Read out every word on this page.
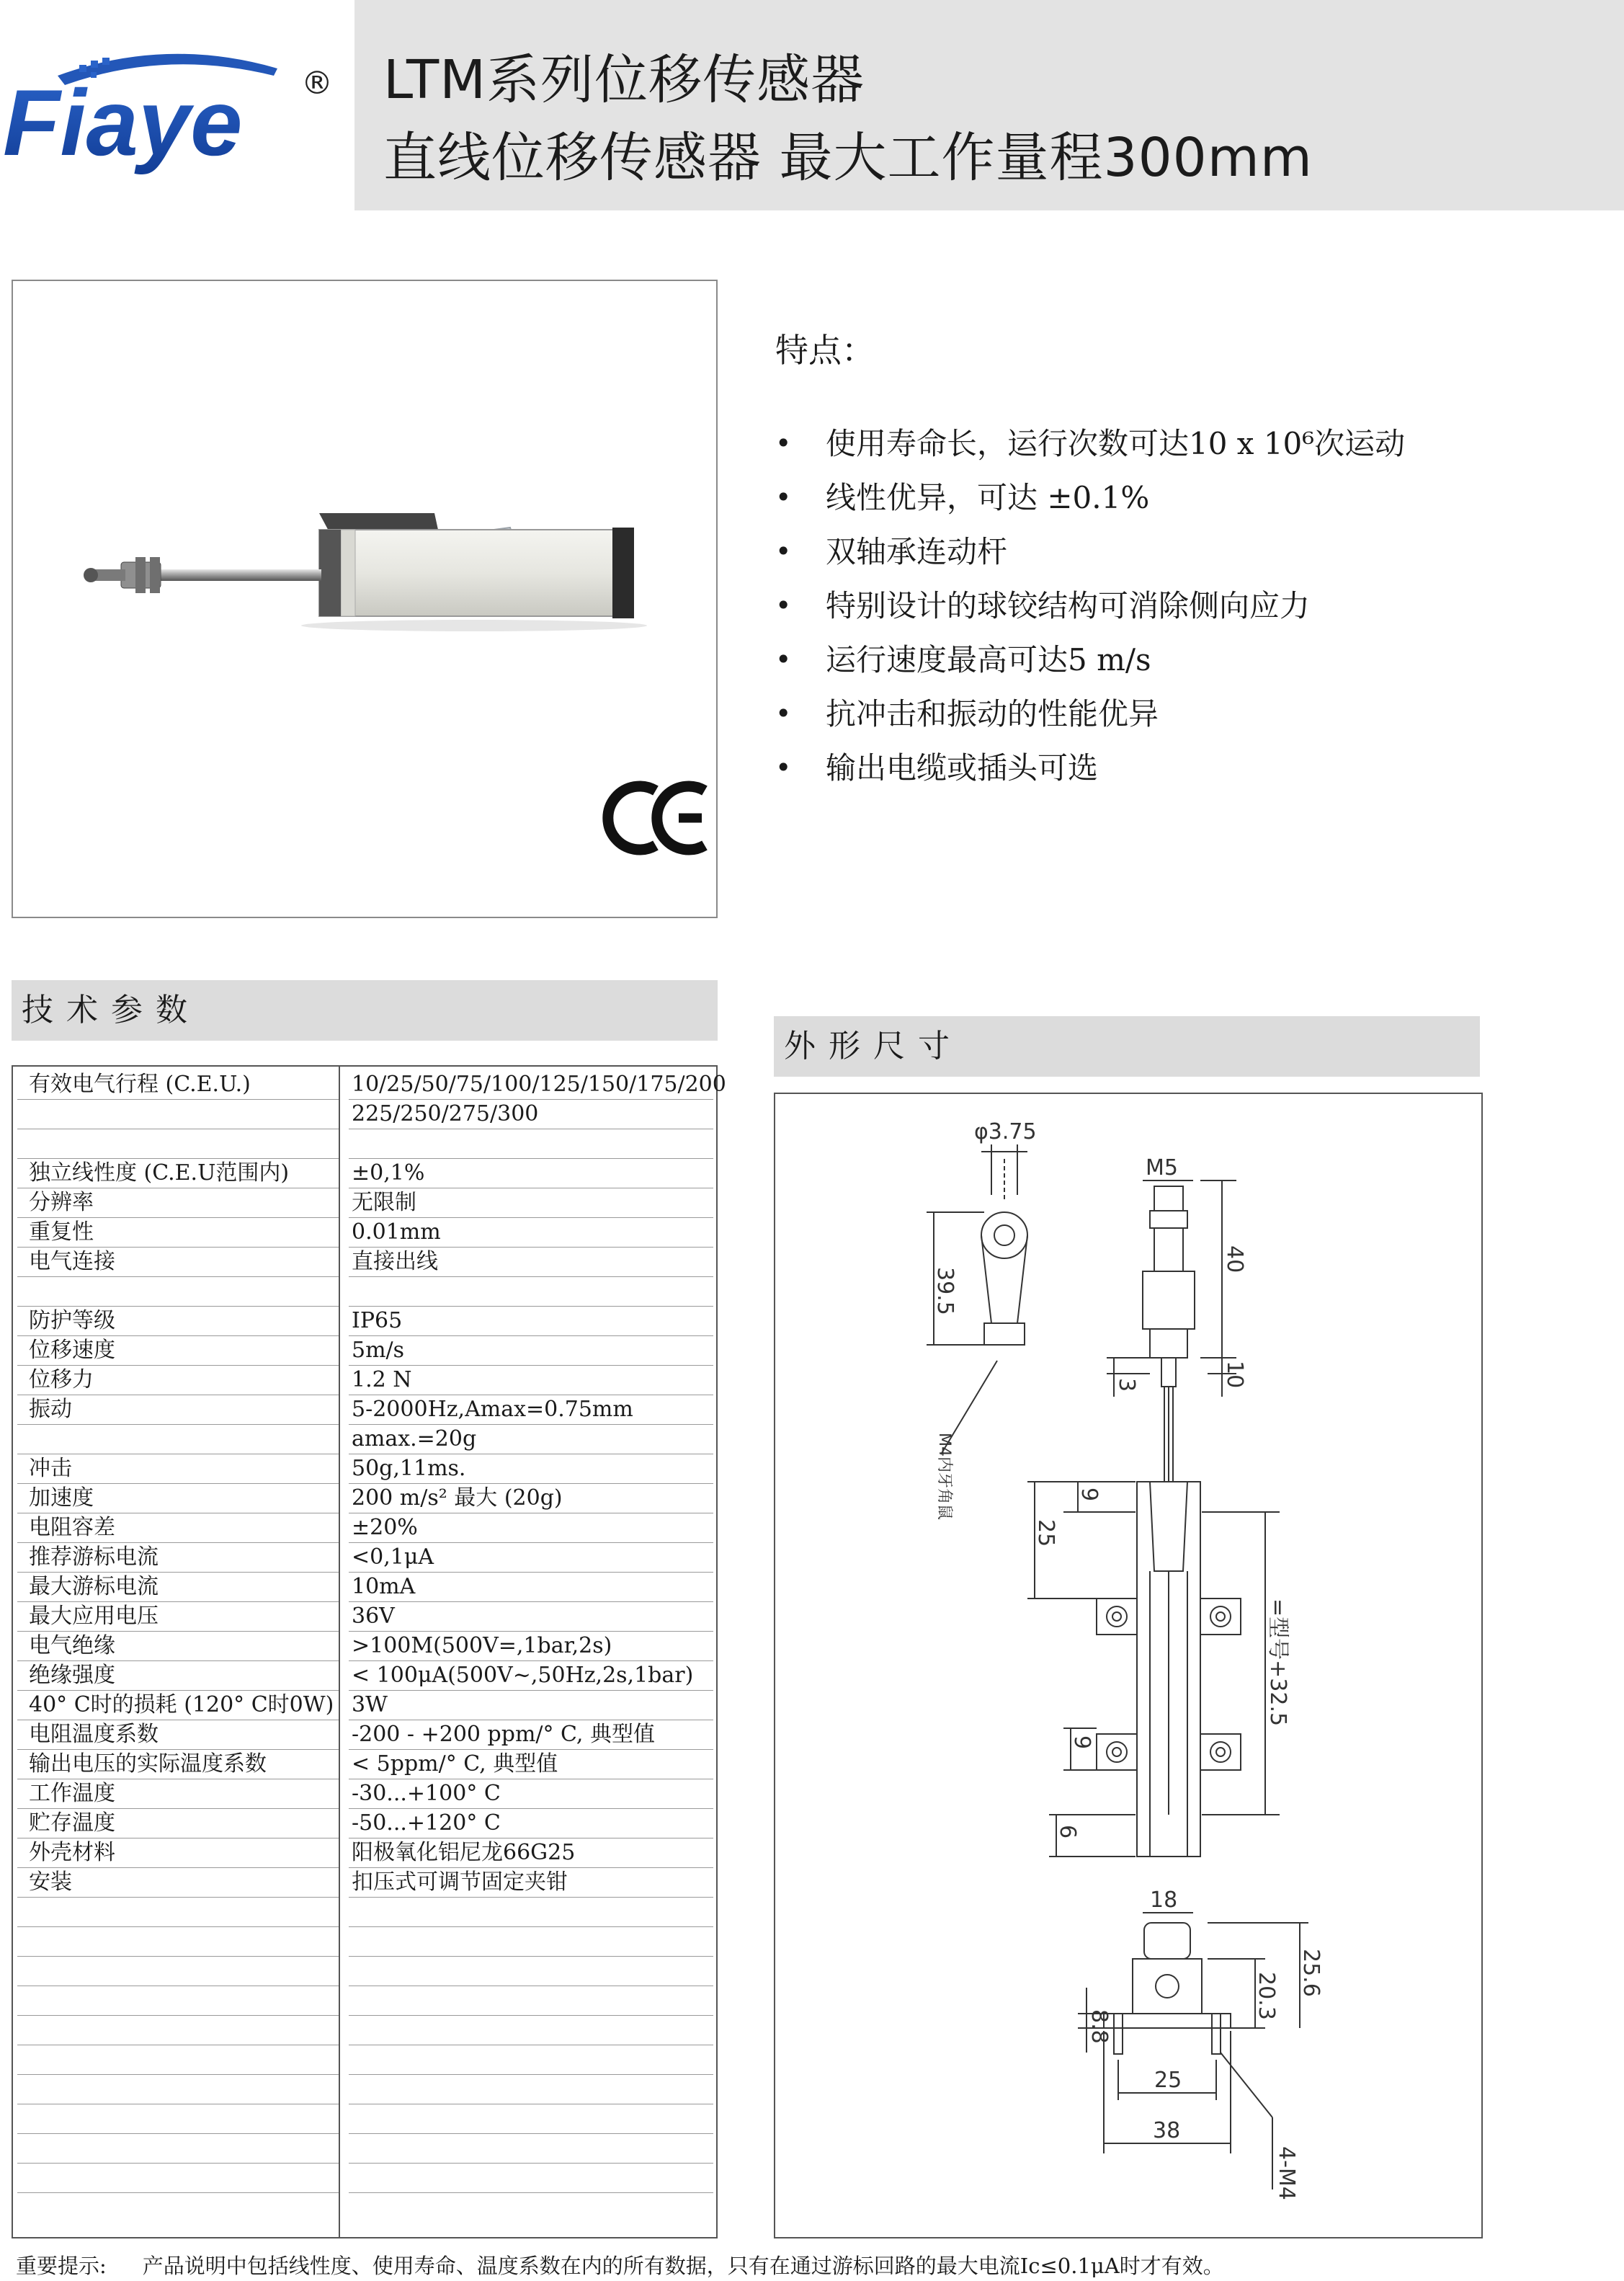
Fiaye ® LTM系列位移传感器
直线位移传感器 最大工作量程300mm
特点：
• 使用寿命长，运行次数可达10 x 10⁶次运动
• 线性优异，可达 ±0.1%
• 双轴承连动杆
• 特别设计的球铰结构可消除侧向应力
• 运行速度最高可达5 m/s
• 抗冲击和振动的性能优异
• 输出电缆或插头可选
技术参数
外形尺寸
有效电气行程 (C.E.U.)	10/25/50/75/100/125/150/175/200
225/250/275/300
独立线性度 (C.E.U范围内)	±0,1%
分辨率	无限制
重复性	0.01mm
电气连接	直接出线
防护等级	IP65
位移速度	5m/s
位移力	1.2 N
振动	5-2000Hz,Amax=0.75mm
amax.=20g
冲击	50g,11ms.
加速度	200 m/s² 最大 (20g)
电阻容差	±20%
推荐游标电流	<0,1μA
最大游标电流	10mA
最大应用电压	36V
电气绝缘	>100M(500V=,1bar,2s)
绝缘强度	< 100μA(500V~,50Hz,2s,1bar)
40° C时的损耗 (120° C时0W) 3W
电阻温度系数	-200 - +200 ppm/° C, 典型值
输出电压的实际温度系数	< 5ppm/° C, 典型值
工作温度	-30...+100° C
贮存温度	-50...+120° C
外壳材料	阳极氧化铝尼龙66G25
安装	扣压式可调节固定夹钳
φ3.75
39.5
M4内牙角鼠
M5
40
10
3
9
25
9
6
=型号+32.5
18
8.8
20.3 25.6
25
38
4-M4
重要提示: 产品说明中包括线性度、使用寿命、温度系数在内的所有数据，只有在通过游标回路的最大电流Ic≤0.1μA时才有效。
